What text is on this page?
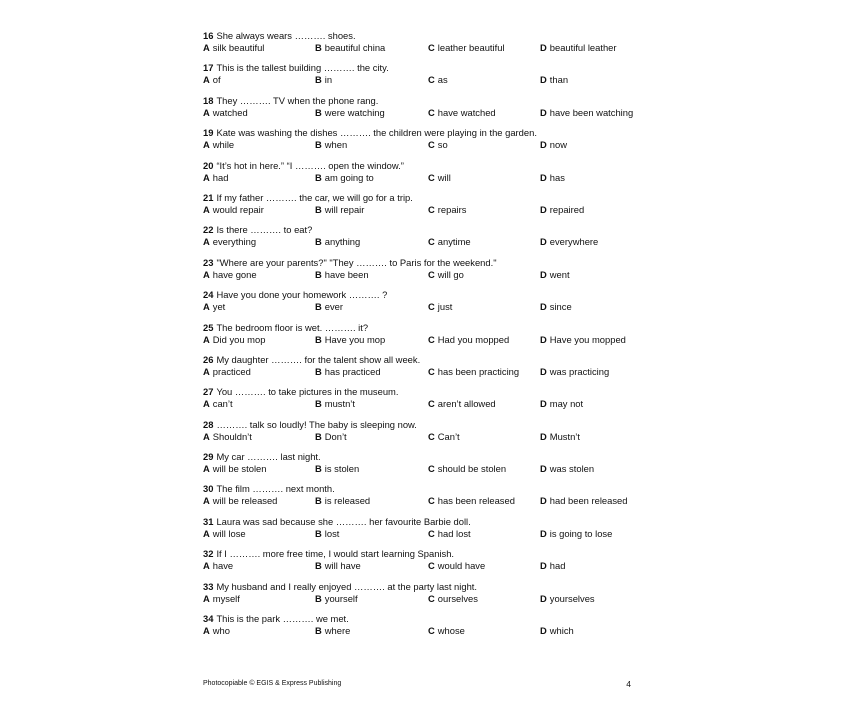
16 She always wears ………. shoes.
A silk beautiful	B beautiful china	C leather beautiful	D beautiful leather
17 This is the tallest building ………. the city.
A of	B in	C as	D than
18 They ………. TV when the phone rang.
A watched	B were watching	C have watched	D have been watching
19 Kate was washing the dishes ………. the children were playing in the garden.
A while	B when	C so	D now
20 “It’s hot in here.” “I ………. open the window.”
A had	B am going to	C will	D has
21 If my father ………. the car, we will go for a trip.
A would repair	B will repair	C repairs	D repaired
22 Is there ………. to eat?
A everything	B anything	C anytime	D everywhere
23 "Where are your parents?" "They ………. to Paris for the weekend."
A have gone	B have been	C will go	D went
24 Have you done your homework ………. ?
A yet	B ever	C just	D since
25 The bedroom floor is wet. ………. it?
A Did you mop	B Have you mop	C Had you mopped	D Have you mopped
26 My daughter ………. for the talent show all week.
A practiced	B has practiced	C has been practicing D was practicing
27 You ………. to take pictures in the museum.
A can’t	B mustn’t	C aren’t allowed	D may not
28 ………. talk so loudly! The baby is sleeping now.
A Shouldn’t	B Don’t	C Can’t	D Mustn’t
29 My car ………. last night.
A will be stolen	B is stolen	C should be stolen	D was stolen
30 The film ………. next month.
A will be released	B is released	C has been released	D had been released
31 Laura was sad because she ………. her favourite Barbie doll.
A will lose	B lost	C had lost	D is going to lose
32 If I ………. more free time, I would start learning Spanish.
A have	B will have	C would have	D had
33 My husband and I really enjoyed ………. at the party last night.
A myself	B yourself	C ourselves	D yourselves
34 This is the park ………. we met.
A who	B where	C whose	D which
Photocopiable © EGIS & Express Publishing	4
